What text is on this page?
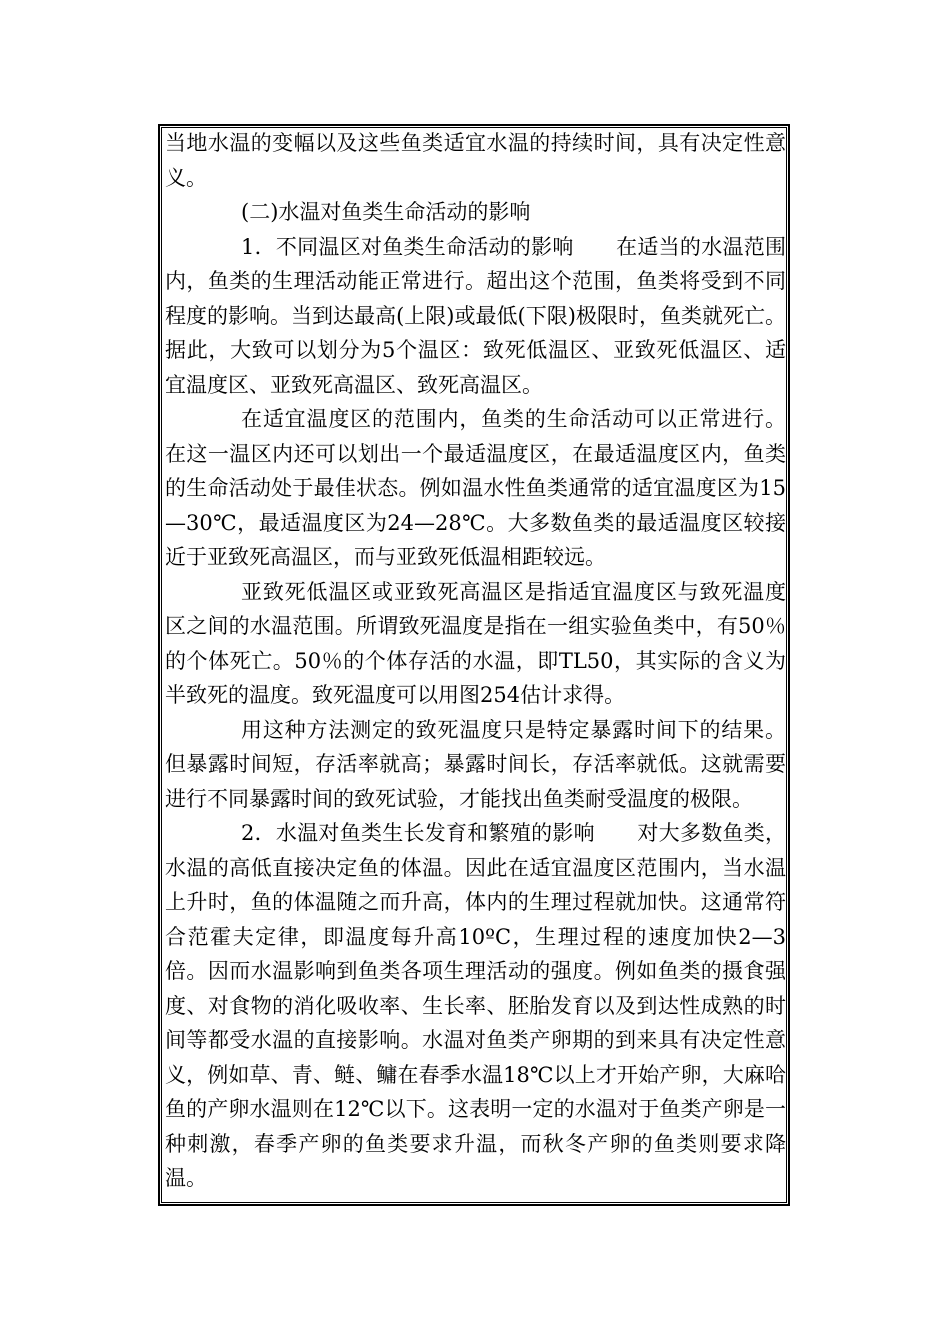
当地水温的变幅以及这些鱼类适宜水温的持续时间，具有决定性意义。

(二)水温对鱼类生命活动的影响

1．不同温区对鱼类生命活动的影响　　在适当的水温范围内，鱼类的生理活动能正常进行。超出这个范围，鱼类将受到不同程度的影响。当到达最高(上限)或最低(下限)极限时，鱼类就死亡。据此，大致可以划分为5个温区：致死低温区、亚致死低温区、适宜温度区、亚致死高温区、致死高温区。

在适宜温度区的范围内，鱼类的生命活动可以正常进行。在这一温区内还可以划出一个最适温度区，在最适温度区内，鱼类的生命活动处于最佳状态。例如温水性鱼类通常的适宜温度区为15—30℃，最适温度区为24—28℃。大多数鱼类的最适温度区较接近于亚致死高温区，而与亚致死低温相距较远。

亚致死低温区或亚致死高温区是指适宜温度区与致死温度区之间的水温范围。所谓致死温度是指在一组实验鱼类中，有50％的个体死亡。50％的个体存活的水温，即TL50，其实际的含义为半致死的温度。致死温度可以用图254估计求得。

用这种方法测定的致死温度只是特定暴露时间下的结果。但暴露时间短，存活率就高；暴露时间长，存活率就低。这就需要进行不同暴露时间的致死试验，才能找出鱼类耐受温度的极限。

2．水温对鱼类生长发育和繁殖的影响　　对大多数鱼类，水温的高低直接决定鱼的体温。因此在适宜温度区范围内，当水温上升时，鱼的体温随之而升高，体内的生理过程就加快。这通常符合范霍夫定律，即温度每升高10ºC，生理过程的速度加快2—3倍。因而水温影响到鱼类各项生理活动的强度。例如鱼类的摄食强度、对食物的消化吸收率、生长率、胚胎发育以及到达性成熟的时间等都受水温的直接影响。水温对鱼类产卵期的到来具有决定性意义，例如草、青、鲢、鳙在春季水温18℃以上才开始产卵，大麻哈鱼的产卵水温则在12℃以下。这表明一定的水温对于鱼类产卵是一种刺激，春季产卵的鱼类要求升温，而秋冬产卵的鱼类则要求降温。
